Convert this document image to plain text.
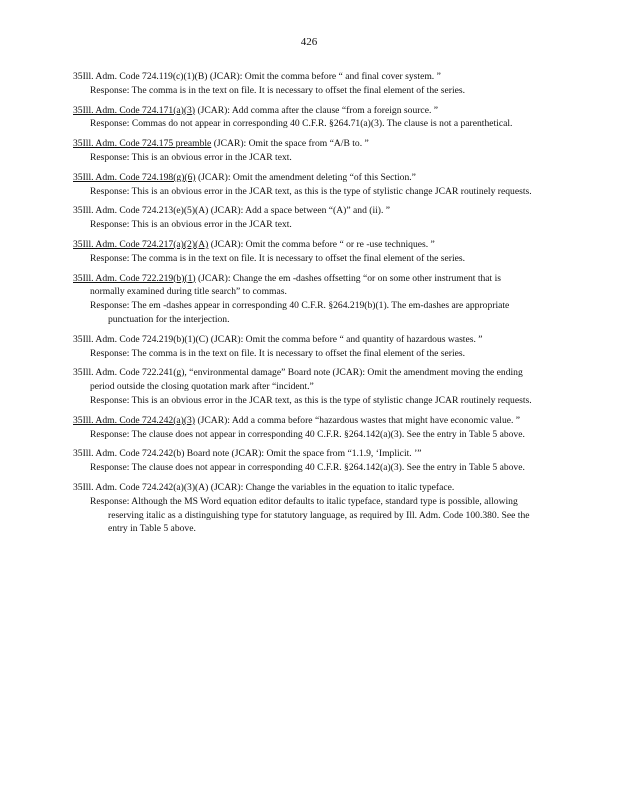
426

35Ill. Adm. Code 724.119(c)(1)(B) (JCAR): Omit the comma before “ and final cover system. ”

Response: The comma is in the text on file. It is necessary to offset the final element of the series.

35Ill. Adm. Code 724.171(a)(3) (JCAR): Add comma after the clause “from a foreign source. ”

Response: Commas do not appear in corresponding 40 C.F.R. §264.71(a)(3). The clause is not a parenthetical.

35Ill. Adm. Code 724.175 preamble (JCAR): Omit the space from “A/B to. ”

Response: This is an obvious error in the JCAR text.

35Ill. Adm. Code 724.198(g)(6) (JCAR): Omit the amendment deleting “of this Section.”

Response: This is an obvious error in the JCAR text, as this is the type of stylistic change JCAR routinely requests.

35Ill. Adm. Code 724.213(e)(5)(A) (JCAR): Add a space between “(A)” and (ii). ”

Response: This is an obvious error in the JCAR text.

35Ill. Adm. Code 724.217(a)(2)(A) (JCAR): Omit the comma before “ or re -use techniques. ”

Response: The comma is in the text on file. It is necessary to offset the final element of the series.

35Ill. Adm. Code 722.219(b)(1) (JCAR): Change the em -dashes offsetting “or on some other instrument that is normally examined during title search” to commas.

Response: The em -dashes appear in corresponding 40 C.F.R. §264.219(b)(1). The em-dashes are appropriate punctuation for the interjection.

35Ill. Adm. Code 724.219(b)(1)(C) (JCAR): Omit the comma before “ and quantity of hazardous wastes. ”

Response: The comma is in the text on file. It is necessary to offset the final element of the series.

35Ill. Adm. Code 722.241(g), “environmental damage” Board note (JCAR): Omit the amendment moving the ending period outside the closing quotation mark after “incident.”

Response: This is an obvious error in the JCAR text, as this is the type of stylistic change JCAR routinely requests.

35Ill. Adm. Code 724.242(a)(3) (JCAR): Add a comma before “hazardous wastes that might have economic value. ”

Response: The clause does not appear in corresponding 40 C.F.R. §264.142(a)(3). See the entry in Table 5 above.

35Ill. Adm. Code 724.242(b) Board note (JCAR): Omit the space from “1.1.9, ‘Implicit. ’”

Response: The clause does not appear in corresponding 40 C.F.R. §264.142(a)(3). See the entry in Table 5 above.

35Ill. Adm. Code 724.242(a)(3)(A) (JCAR): Change the variables in the equation to italic typeface.

Response: Although the MS Word equation editor defaults to italic typeface, standard type is possible, allowing reserving italic as a distinguishing type for statutory language, as required by Ill. Adm. Code 100.380. See the entry in Table 5 above.
